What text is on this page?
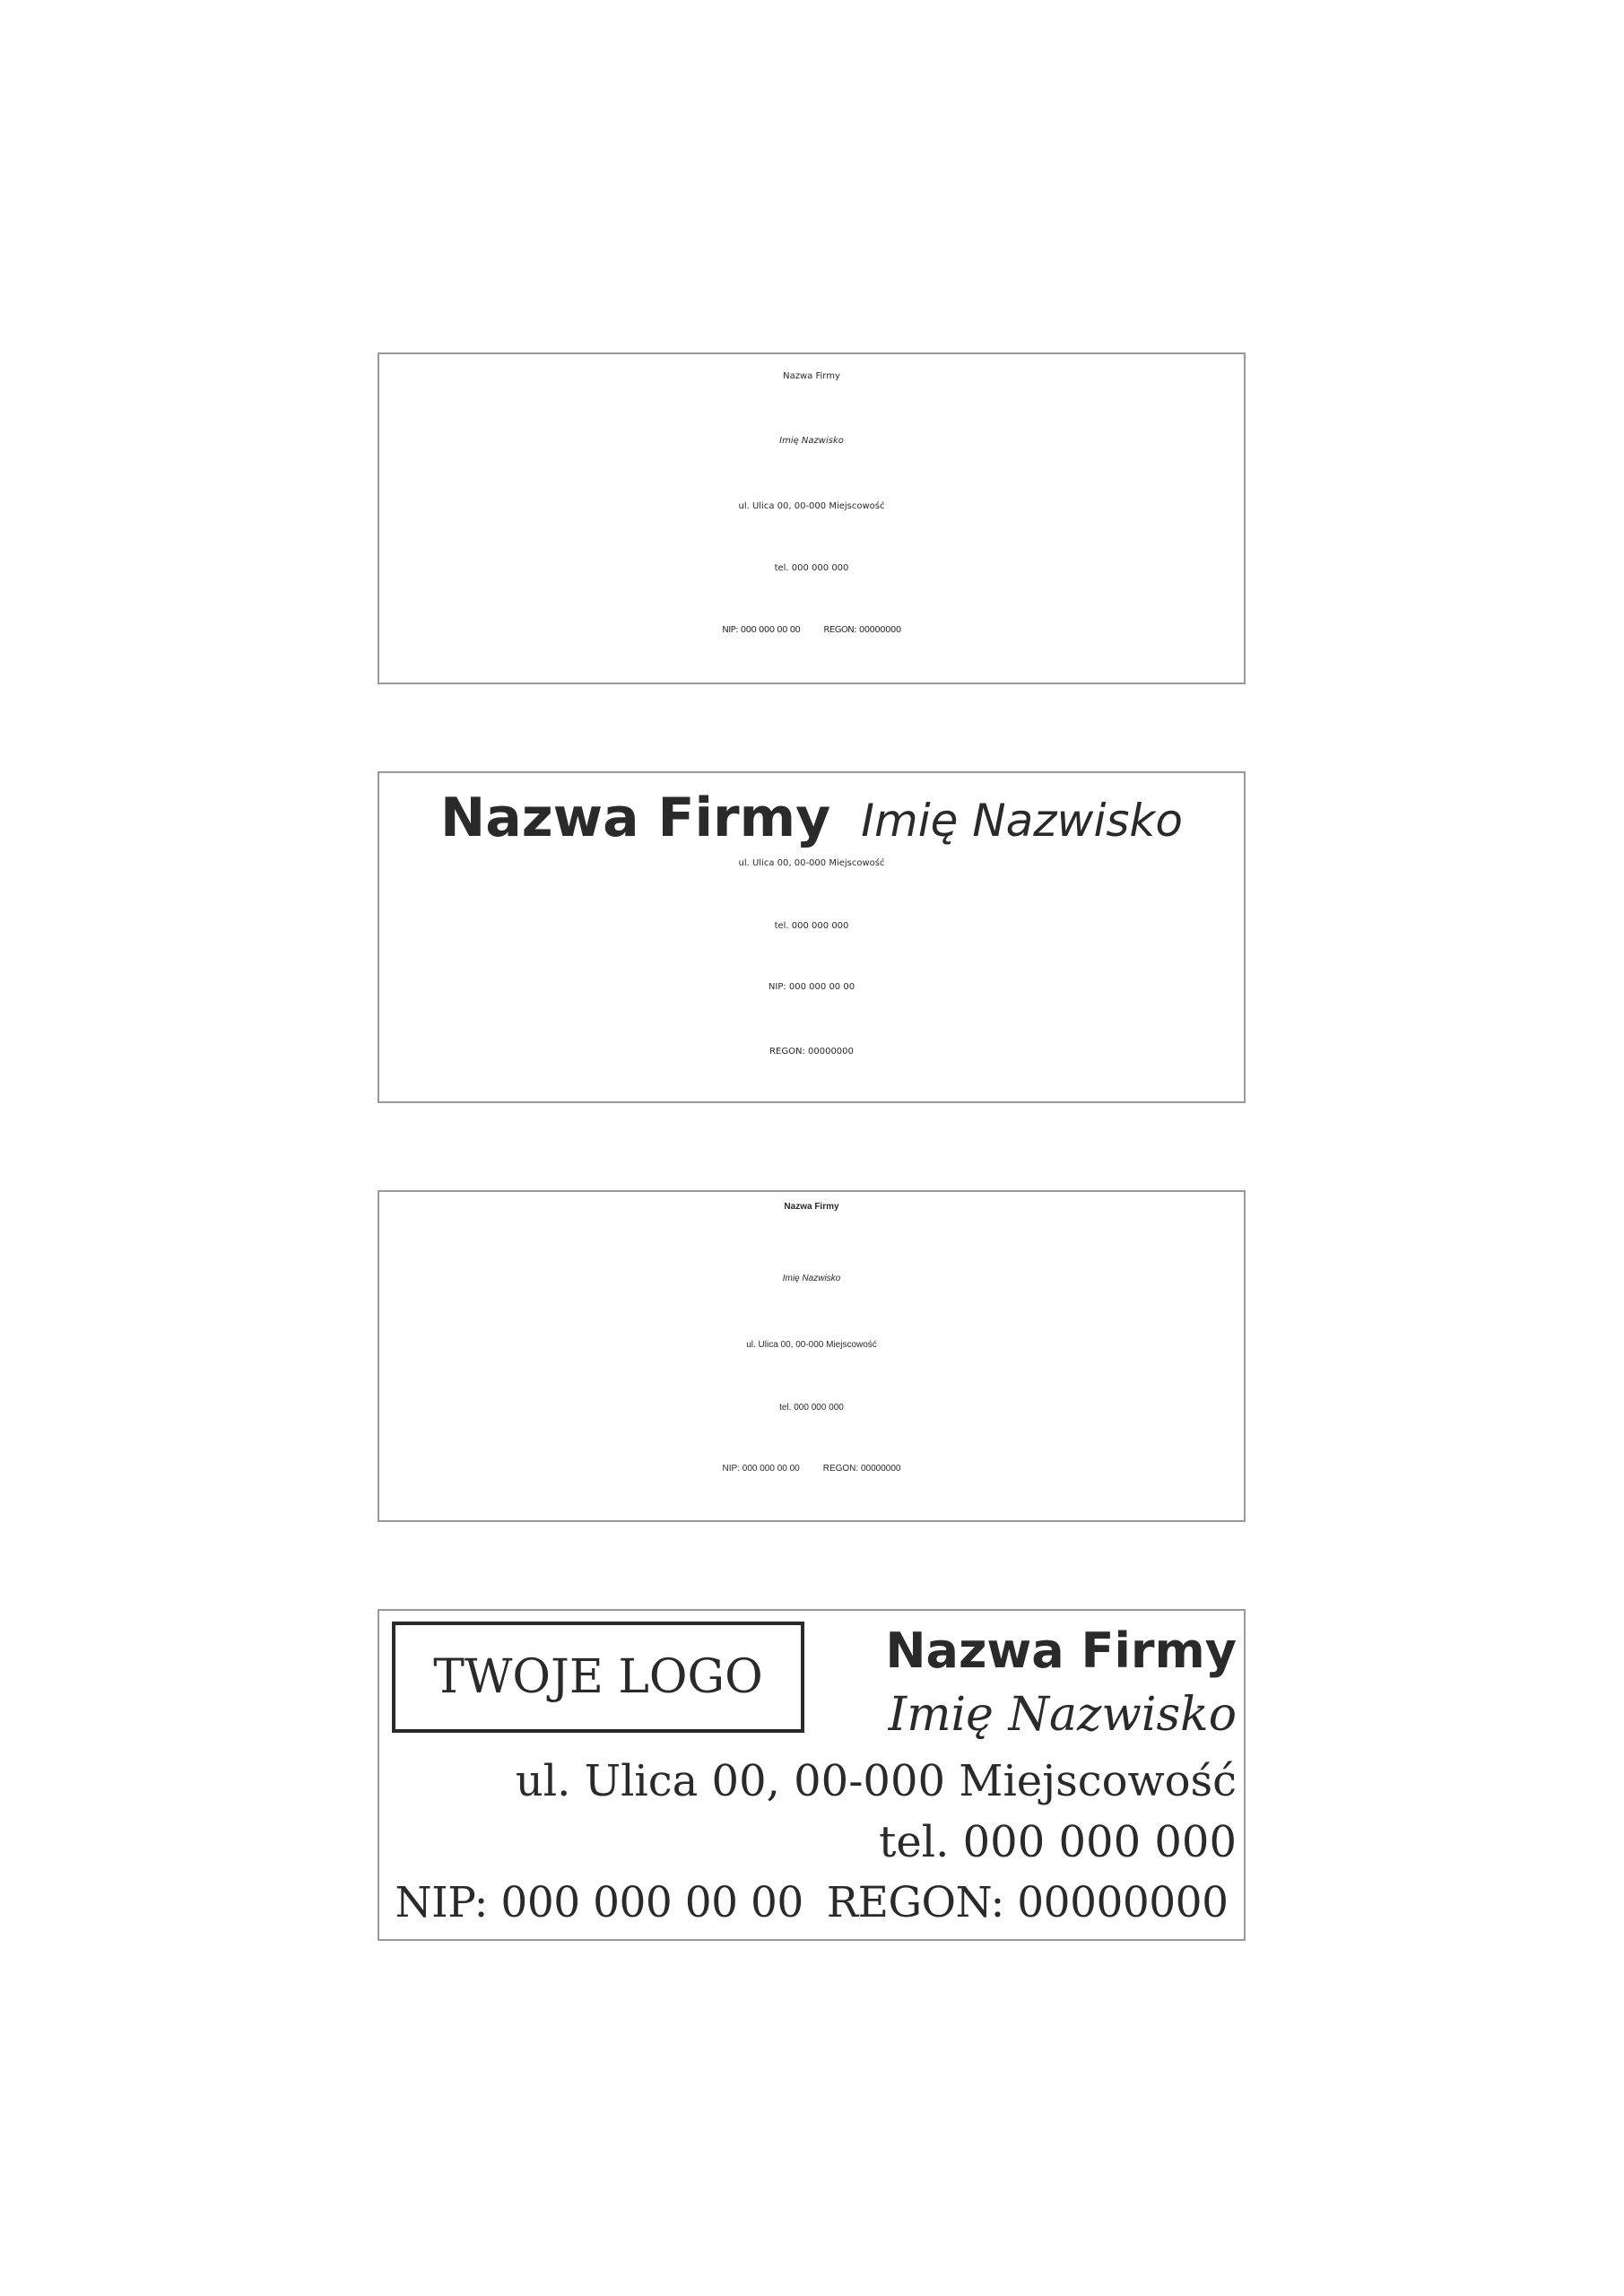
Nazwa Firmy
Imię Nazwisko
ul. Ulica 00, 00-000 Miejscowość
tel. 000 000 000
NIP: 000 000 00 00	REGON: 00000000
Nazwa Firmy Imię Nazwisko
ul. Ulica 00, 00-000 Miejscowość
tel. 000 000 000
NIP: 000 000 00 00
REGON: 00000000
Nazwa Firmy
Imię Nazwisko
ul. Ulica 00, 00-000 Miejscowość
tel. 000 000 000
NIP: 000 000 00 00	REGON: 00000000
TWOJE LOGO	Nazwa Firmy
Imię Nazwisko
ul. Ulica 00, 00-000 Miejscowość
tel. 000 000 000
NIP: 000 000 00 00 REGON: 00000000
